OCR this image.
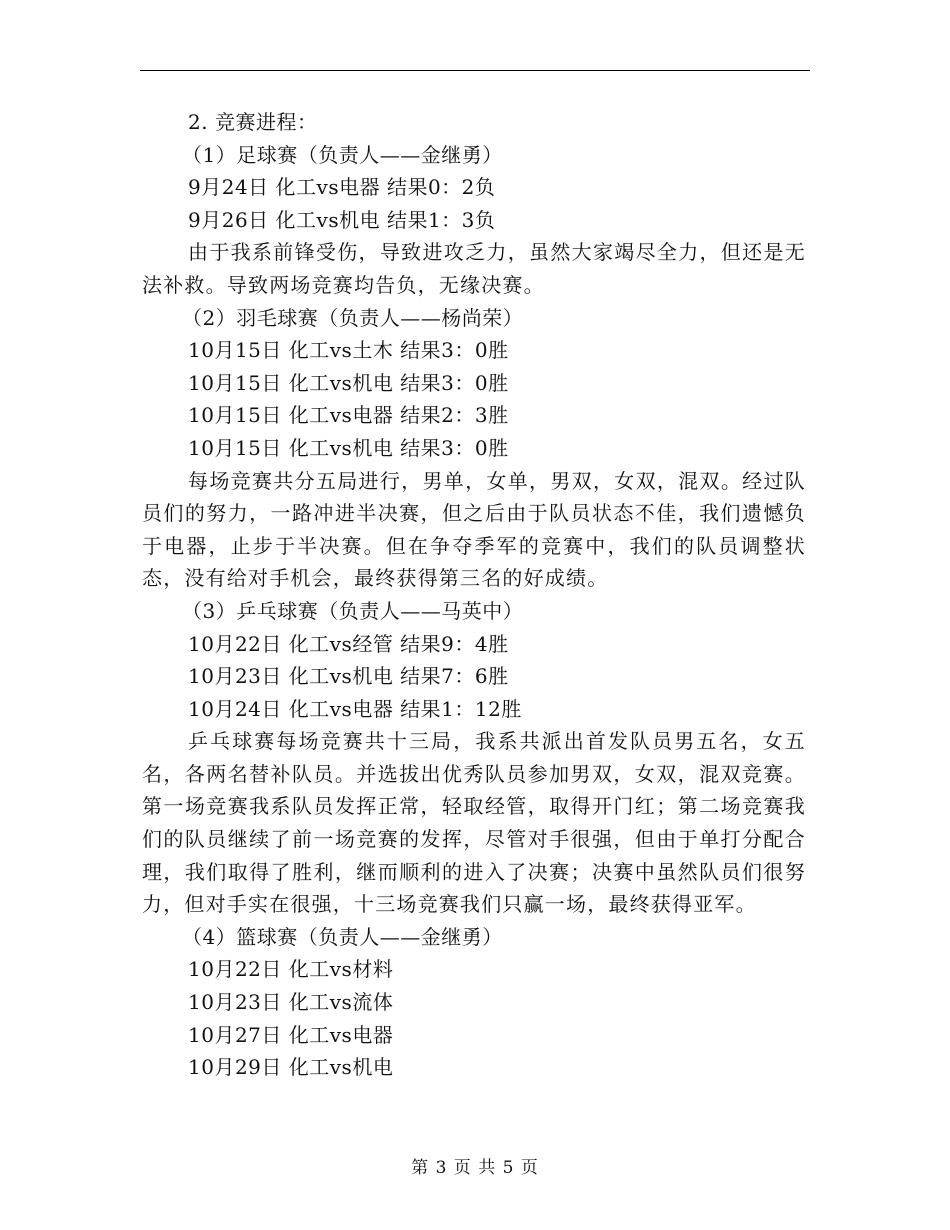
2. 竞赛进程：
（1）足球赛（负责人——金继勇）
9月24日 化工vs电器 结果0：2负
9月26日 化工vs机电 结果1：3负

由于我系前锋受伤，导致进攻乏力，虽然大家竭尽全力，但还是无法补救。导致两场竞赛均告负，无缘决赛。

（2）羽毛球赛（负责人——杨尚荣）
10月15日 化工vs土木 结果3：0胜
10月15日 化工vs机电 结果3：0胜
10月15日 化工vs电器 结果2：3胜
10月15日 化工vs机电 结果3：0胜

每场竞赛共分五局进行，男单，女单，男双，女双，混双。经过队员们的努力，一路冲进半决赛，但之后由于队员状态不佳，我们遗憾负于电器，止步于半决赛。但在争夺季军的竞赛中，我们的队员调整状态，没有给对手机会，最终获得第三名的好成绩。

（3）乒乓球赛（负责人——马英中）
10月22日 化工vs经管 结果9：4胜
10月23日 化工vs机电 结果7：6胜
10月24日 化工vs电器 结果1：12胜

乒乓球赛每场竞赛共十三局，我系共派出首发队员男五名，女五名，各两名替补队员。并选拔出优秀队员参加男双，女双，混双竞赛。第一场竞赛我系队员发挥正常，轻取经管，取得开门红；第二场竞赛我们的队员继续了前一场竞赛的发挥，尽管对手很强，但由于单打分配合理，我们取得了胜利，继而顺利的进入了决赛；决赛中虽然队员们很努力，但对手实在很强，十三场竞赛我们只赢一场，最终获得亚军。

（4）篮球赛（负责人——金继勇）
10月22日 化工vs材料
10月23日 化工vs流体
10月27日 化工vs电器
10月29日 化工vs机电
第 3 页 共 5 页
